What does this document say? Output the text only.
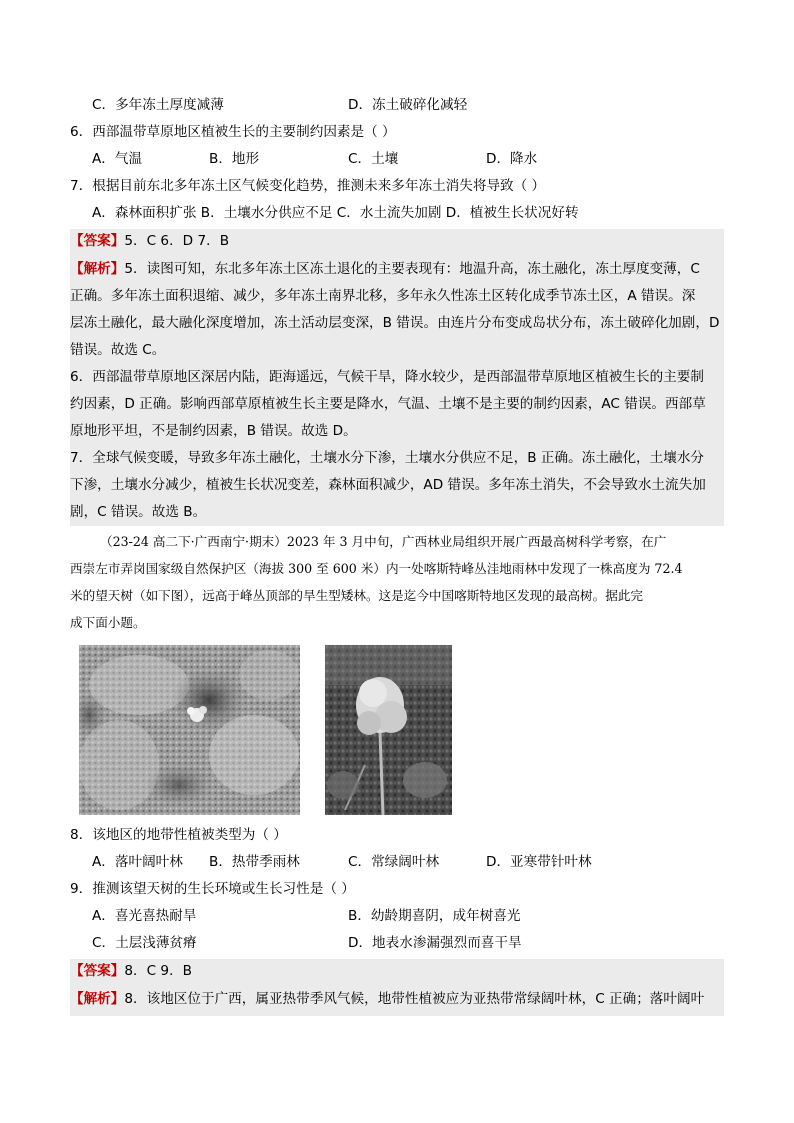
C．多年冻土厚度减薄	D．冻土破碎化减轻
6．西部温带草原地区植被生长的主要制约因素是（ ）
A．气温	B．地形	C．土壤	D．降水
7．根据目前东北多年冻土区气候变化趋势，推测未来多年冻土消失将导致（ ）
A．森林面积扩张 B．土壤水分供应不足 C．水土流失加剧 D．植被生长状况好转
【答案】5．C 6．D 7．B
【解析】5．读图可知，东北多年冻土区冻土退化的主要表现有：地温升高，冻土融化，冻土厚度变薄，C
正确。多年冻土面积退缩、减少，多年冻土南界北移，多年永久性冻土区转化成季节冻土区，A 错误。深
层冻土融化，最大融化深度增加，冻土活动层变深，B 错误。由连片分布变成岛状分布，冻土破碎化加剧，D
错误。故选 C。
6．西部温带草原地区深居内陆，距海遥远，气候干旱，降水较少，是西部温带草原地区植被生长的主要制
约因素，D 正确。影响西部草原植被生长主要是降水，气温、土壤不是主要的制约因素，AC 错误。西部草
原地形平坦，不是制约因素，B 错误。故选 D。
7．全球气候变暖，导致多年冻土融化，土壤水分下渗，土壤水分供应不足，B 正确。冻土融化，土壤水分
下渗，土壤水分减少，植被生长状况变差，森林面积减少，AD 错误。多年冻土消失，不会导致水土流失加
剧，C 错误。故选 B。
（23-24 高二下·广西南宁·期末）2023 年 3 月中旬，广西林业局组织开展广西最高树科学考察，在广
西崇左市弄岗国家级自然保护区（海拔 300 至 600 米）内一处喀斯特峰丛洼地雨林中发现了一株高度为 72.4
米的望天树（如下图），远高于峰丛顶部的旱生型矮林。这是迄今中国喀斯特地区发现的最高树。据此完
成下面小题。
8．该地区的地带性植被类型为（ ）
A．落叶阔叶林 B．热带季雨林	C．常绿阔叶林	D．亚寒带针叶林
9．推测该望天树的生长环境或生长习性是（ ）
A．喜光喜热耐旱	B．幼龄期喜阴，成年树喜光
C．土层浅薄贫瘠	D．地表水渗漏强烈而喜干旱
【答案】8．C 9．B
【解析】8．该地区位于广西，属亚热带季风气候，地带性植被应为亚热带常绿阔叶林，C 正确；落叶阔叶
